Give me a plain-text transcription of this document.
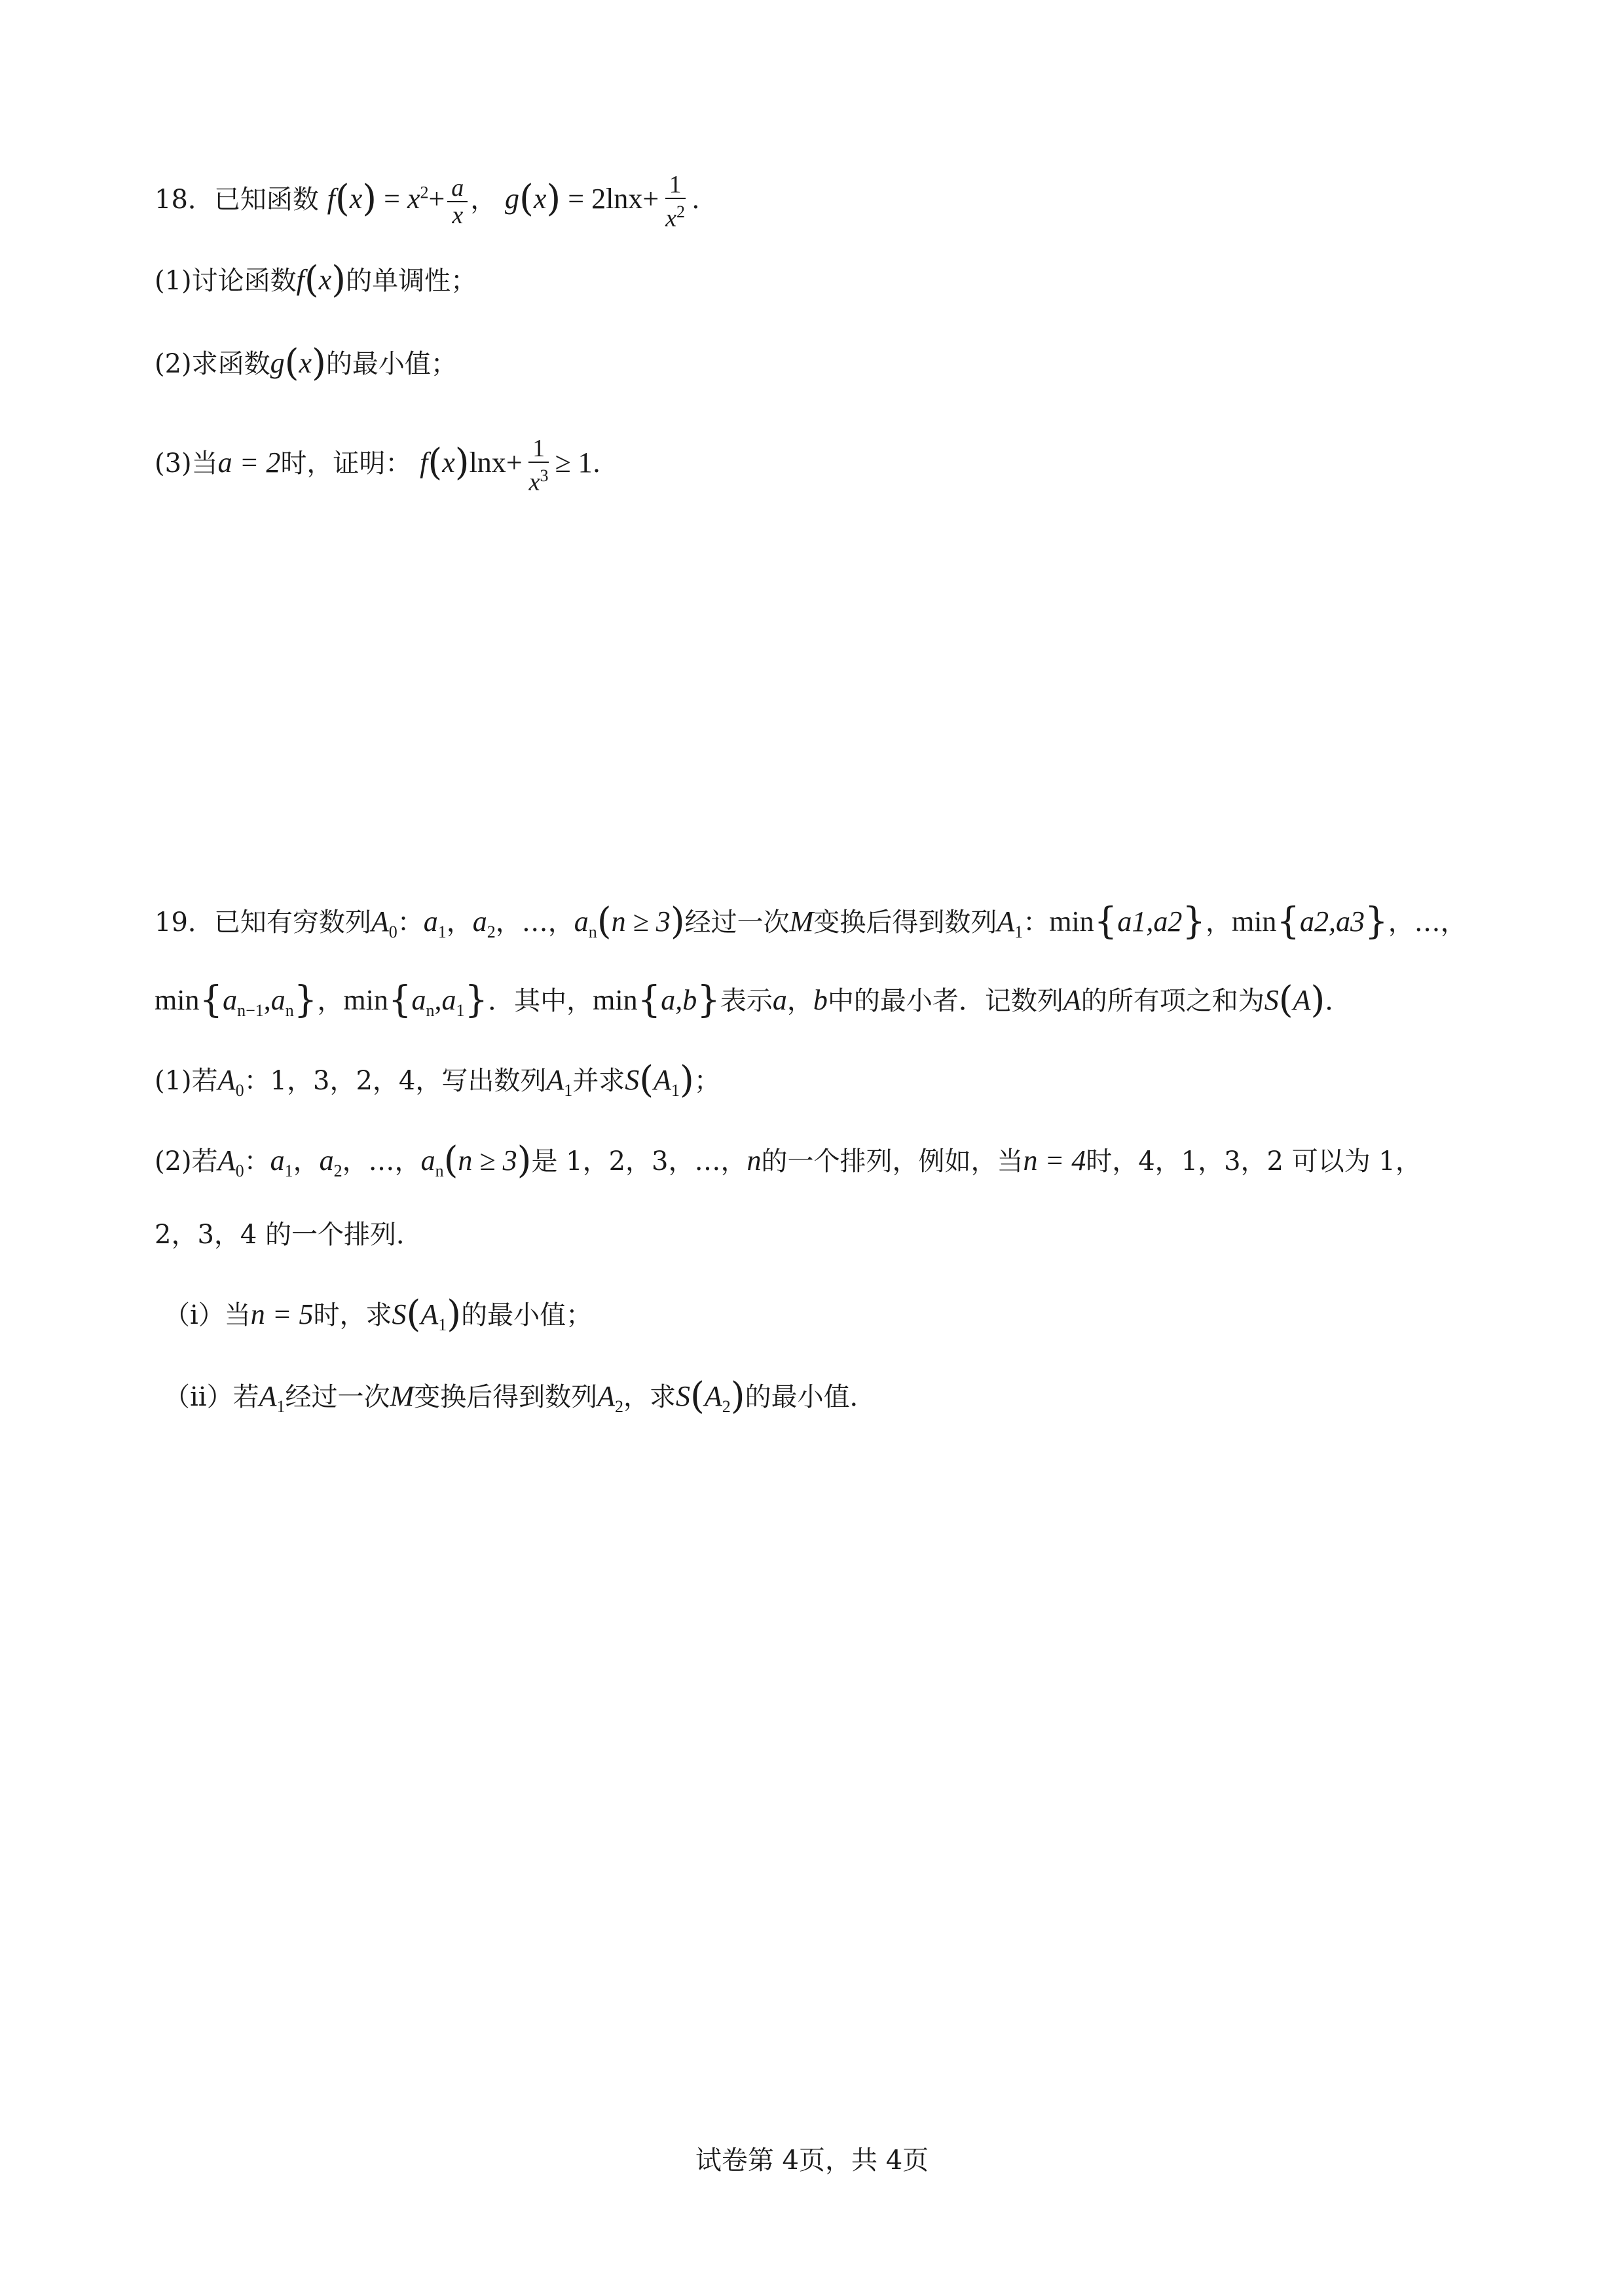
18．已知函数 $f(x) = x^2+ \frac{a}{x}$ ， $g(x) = 2\ln x+ \frac{1}{x^2}$ .
(1)讨论函数f(x)的单调性；
(2)求函数g(x)的最小值；
(3)当a = 2时，证明： $f(x)\ln x+ \frac{1}{x^3} \ge 1$.
19．已知有穷数列$A_0$：$a_1$，$a_2$，…，$a_n(n \ge 3)$经过一次M变换后得到数列$A_1$：min{a1,a2}，min{a2,a3}，…，
$\min\{a_{n-1},a_n\}$，$\min\{a_n,a_1\}$．其中，min{a,b}表示a，b中的最小者．记数列A的所有项之和为S(A)．
(1)若$A_0$：1，3，2，4，写出数列$A_1$并求$S(A_1)$；
(2)若$A_0$：$a_1$，$a_2$，…，$a_n(n \ge 3)$是 1，2，3，…，n的一个排列，例如，当n = 4时，4，1，3，2 可以为 1，
2，3，4 的一个排列．
（i）当n = 5时，求$S(A_1)$的最小值；
（ii）若$A_1$经过一次M变换后得到数列$A_2$，求$S(A_2)$的最小值．
试卷第 4页，共 4页
